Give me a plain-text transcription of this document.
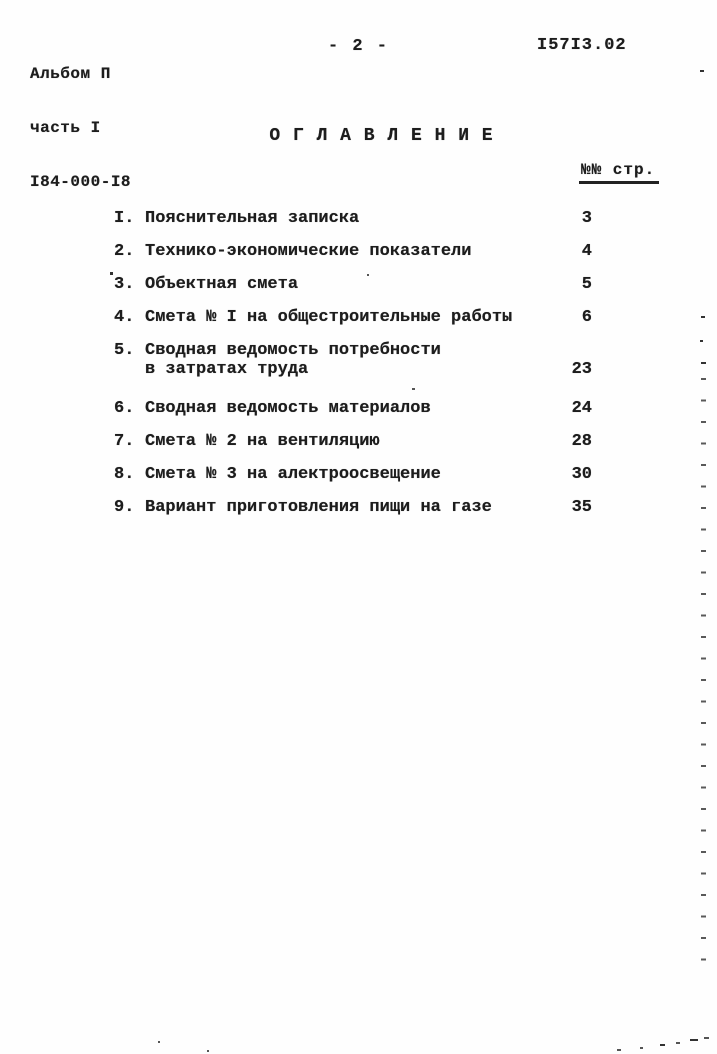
Альбом П

часть I

I84-000-I8

- 2 -	I57I3.02
О Г Л А В Л Е Н И Е
№№ стр.
I. Пояснительная записка	3
2. Технико-экономические показатели	4
3. Объектная смета	5
4. Смета № I на общестроительные работы	6
5. Сводная ведомость потребности
в затратах труда	23
6. Сводная ведомость материалов	24
7. Смета № 2 на вентиляцию	28
8. Смета № 3 на алектроосвещение	30
9. Вариант приготовления пищи на газе	35
